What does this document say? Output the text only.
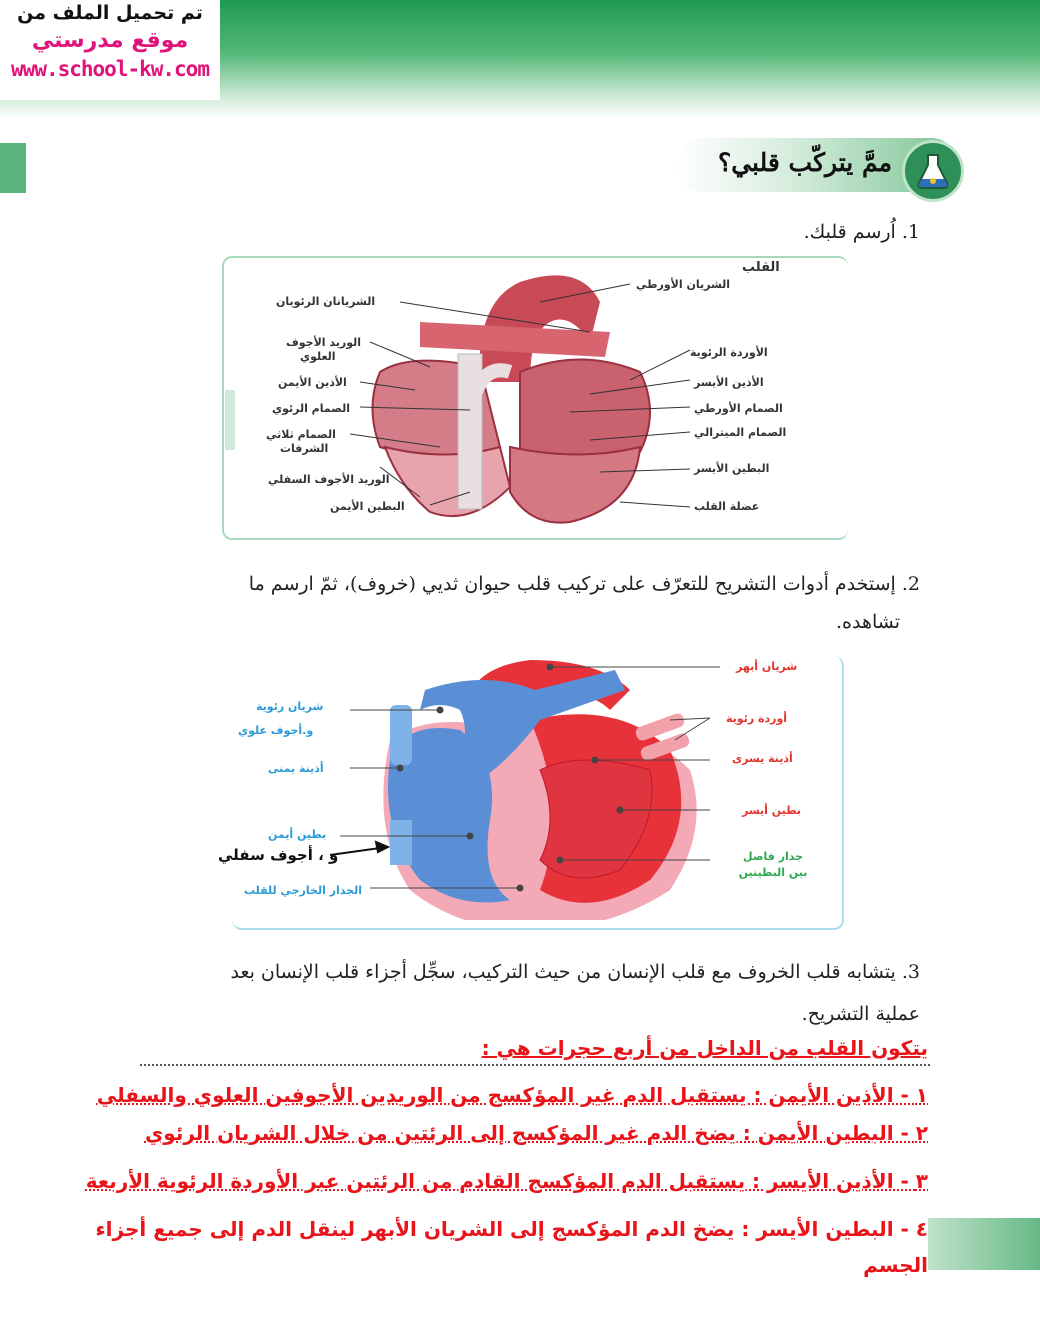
تم تحميل الملف من
موقع مدرستي
www.school-kw.com
ممَّ يتركّب قلبي؟
1. اُرسم قلبك.
القلب
الشريانان الرئويان
الوريد الأجوف
العلوي
الأذين الأيمن
الصمام الرئوي
الصمام ثلاثي
الشرفات
الوريد الأجوف السفلي
البطين الأيمن
الشريان الأورطي
الأوردة الرئوية
الأذين الأيسر
الصمام الأورطي
الصمام الميترالي
البطين الأيسر
عضلة القلب
2. إستخدم أدوات التشريح للتعرّف على تركيب قلب حيوان ثديي (خروف)، ثمّ ارسم ما
تشاهده.
شريان رئوية
و.أجوف علوي
أذينة يمنى
بطين أيمن
و ، أجوف سفلي
الجدار الخارجي للقلب
شريان أبهر
أوردة رئوية
أذينة يسرى
بطين أيسر
جدار فاصل
بين البطينين
3. يتشابه قلب الخروف مع قلب الإنسان من حيث التركيب، سجِّل أجزاء قلب الإنسان بعد
عملية التشريح.
يتكون القلب من الداخل من أربع حجرات هي :
١ - الأذين الأيمن : يستقبل الدم غير المؤكسج من الوريدين الأجوفين العلوي والسفلي
٢ - البطين الأيمن : يضخ الدم غير المؤكسج إلى الرئتين من خلال الشريان الرئوي
٣ - الأذين الأيسر : يستقبل الدم المؤكسج القادم من الرئتين عبر الأوردة الرئوية الأربعة
٤ - البطين الأيسر : يضخ الدم المؤكسج إلى الشريان الأبهر لينقل الدم إلى جميع أجزاء
الجسم
